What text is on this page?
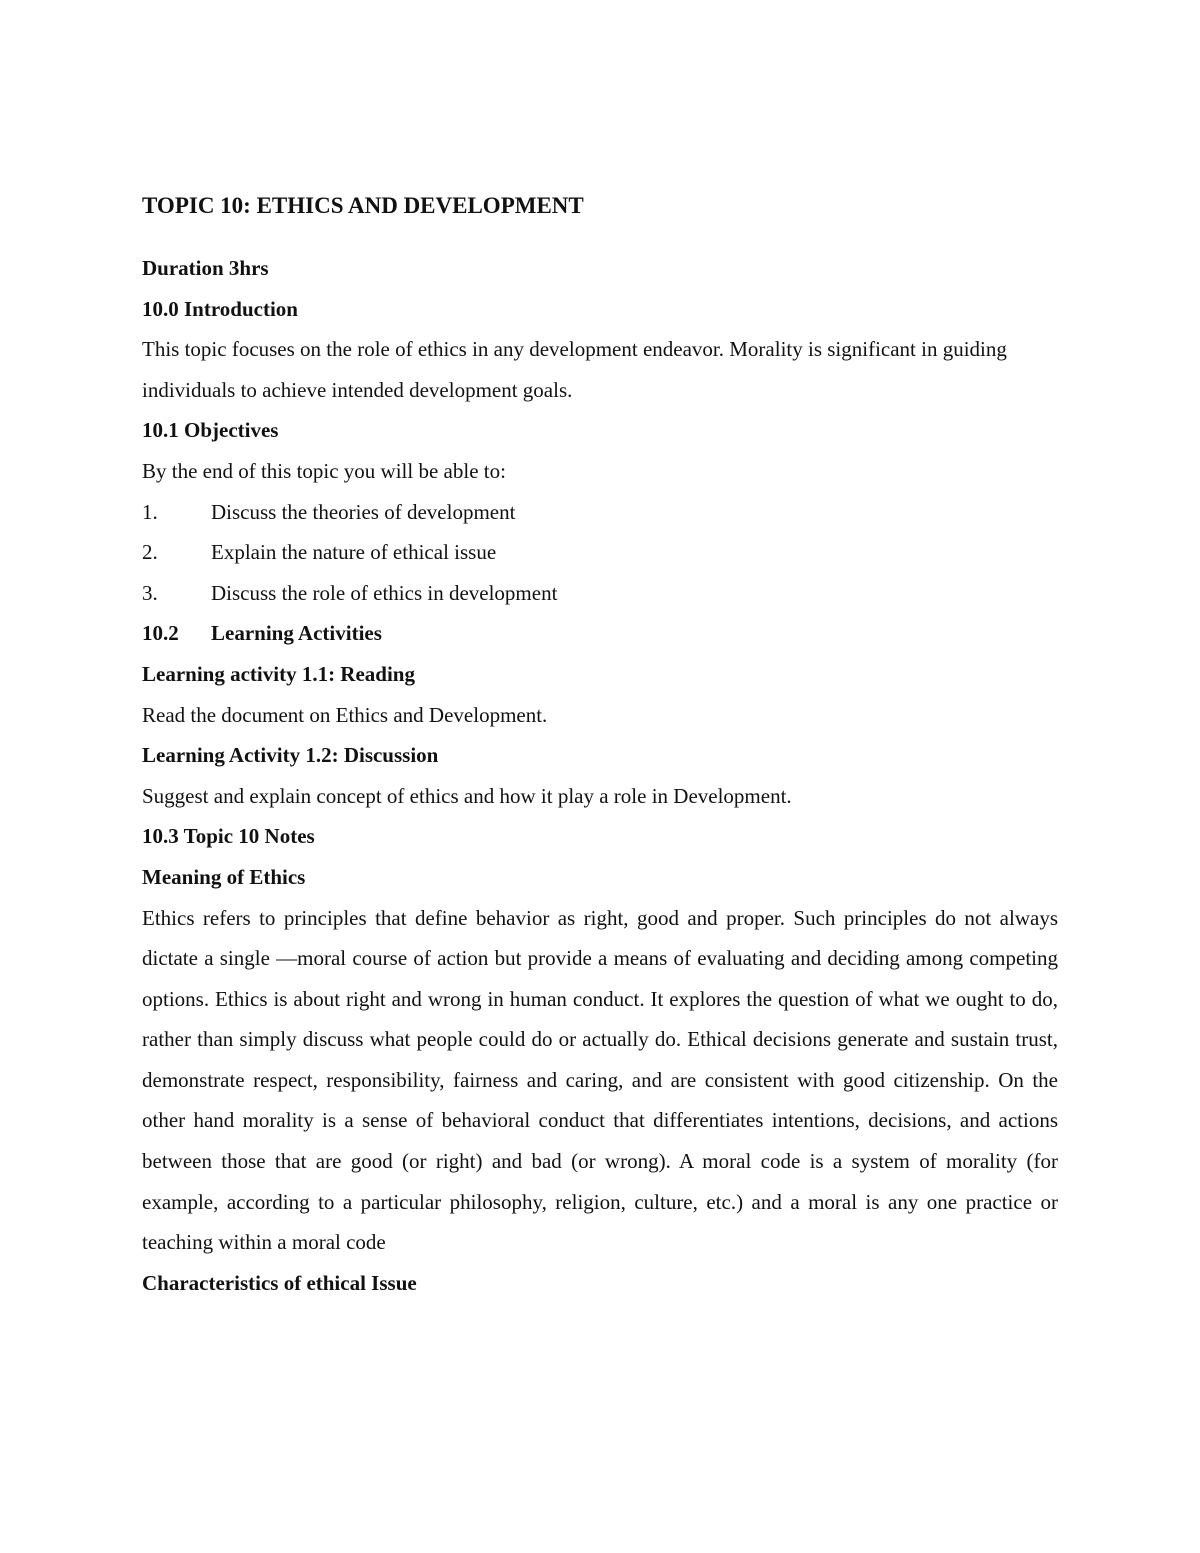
TOPIC 10: ETHICS AND DEVELOPMENT
Duration 3hrs
10.0 Introduction
This topic focuses on the role of ethics in any development endeavor. Morality is significant in guiding individuals to achieve intended development goals.
10.1 Objectives
By the end of this topic you will be able to:
1.	Discuss the theories of development
2.	Explain the nature of ethical issue
3.	Discuss the role of ethics in development
10.2	Learning Activities
Learning activity 1.1: Reading
Read the document on Ethics and Development.
Learning Activity 1.2: Discussion
Suggest and explain concept of ethics and how it play a role in Development.
10.3 Topic 10 Notes
Meaning of Ethics
Ethics refers to principles that define behavior as right, good and proper. Such principles do not always dictate a single —moral course of action but provide a means of evaluating and deciding among competing options. Ethics is about right and wrong in human conduct. It explores the question of what we ought to do, rather than simply discuss what people could do or actually do. Ethical decisions generate and sustain trust, demonstrate respect, responsibility, fairness and caring, and are consistent with good citizenship. On the other hand morality is a sense of behavioral conduct that differentiates intentions, decisions, and actions between those that are good (or right) and bad (or wrong). A moral code is a system of morality (for example, according to a particular philosophy, religion, culture, etc.) and a moral is any one practice or teaching within a moral code
Characteristics of ethical Issue
